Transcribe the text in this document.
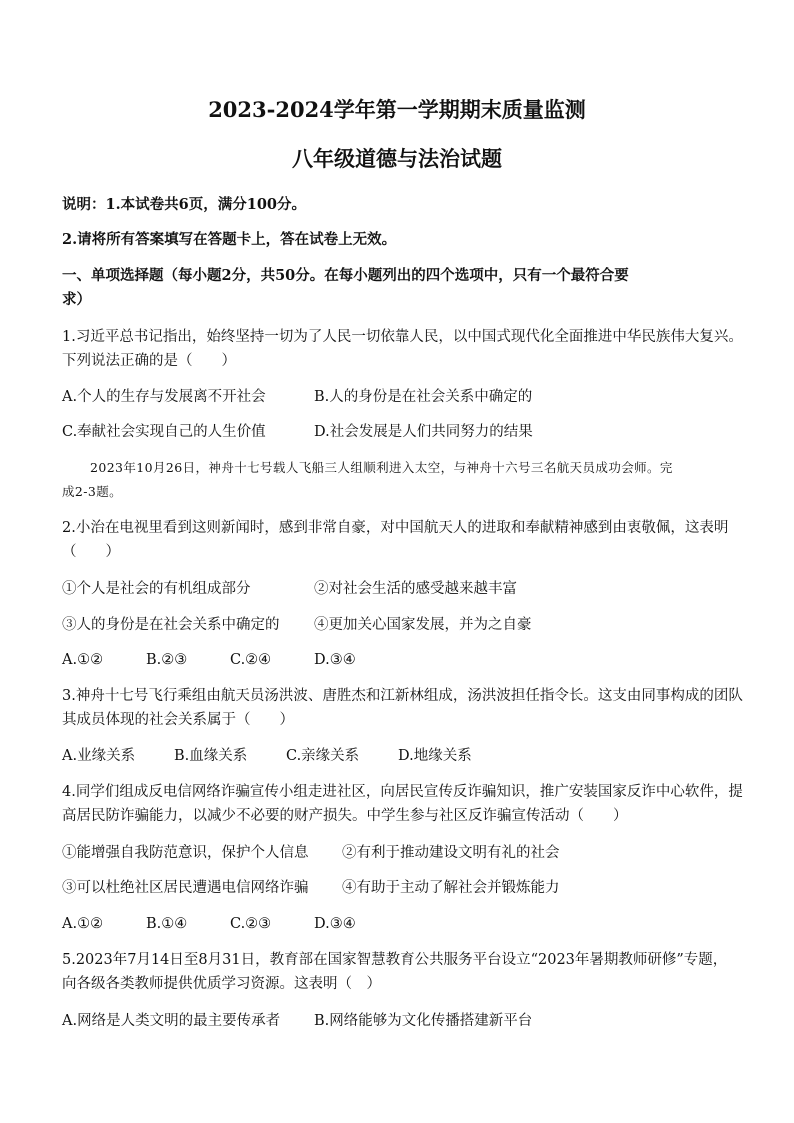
2023-2024学年第一学期期末质量监测
八年级道德与法治试题
说明：1.本试卷共6页，满分100分。
2.请将所有答案填写在答题卡上，答在试卷上无效。
一、单项选择题（每小题2分，共50分。在每小题列出的四个选项中，只有一个最符合要
求）
1.习近平总书记指出，始终坚持一切为了人民一切依靠人民，以中国式现代化全面推进中华民族伟大复兴。
下列说法正确的是（　　）
A.个人的生存与发展离不开社会	B.人的身份是在社会关系中确定的
C.奉献社会实现自己的人生价值	D.社会发展是人们共同努力的结果
2023年10月26日，神舟十七号载人飞船三人组顺利进入太空，与神舟十六号三名航天员成功会师。完
成2-3题。
2.小治在电视里看到这则新闻时，感到非常自豪，对中国航天人的进取和奉献精神感到由衷敬佩，这表明
（　　）
①个人是社会的有机组成部分	②对社会生活的感受越来越丰富
③人的身份是在社会关系中确定的 ④更加关心国家发展，并为之自豪
A.①②	B.②③	C.②④	D.③④
3.神舟十七号飞行乘组由航天员汤洪波、唐胜杰和江新林组成，汤洪波担任指令长。这支由同事构成的团队
其成员体现的社会关系属于（　　）
A.业缘关系	B.血缘关系	C.亲缘关系	D.地缘关系
4.同学们组成反电信网络诈骗宣传小组走进社区，向居民宣传反诈骗知识，推广安装国家反诈中心软件，提
高居民防诈骗能力，以减少不必要的财产损失。中学生参与社区反诈骗宣传活动（　　）
①能增强自我防范意识，保护个人信息 ②有利于推动建设文明有礼的社会
③可以杜绝社区居民遭遇电信网络诈骗 ④有助于主动了解社会并锻炼能力
A.①②	B.①④	C.②③	D.③④
5.2023年7月14日至8月31日，教育部在国家智慧教育公共服务平台设立“2023年暑期教师研修”专题，
向各级各类教师提供优质学习资源。这表明（　）
A.网络是人类文明的最主要传承者 B.网络能够为文化传播搭建新平台
